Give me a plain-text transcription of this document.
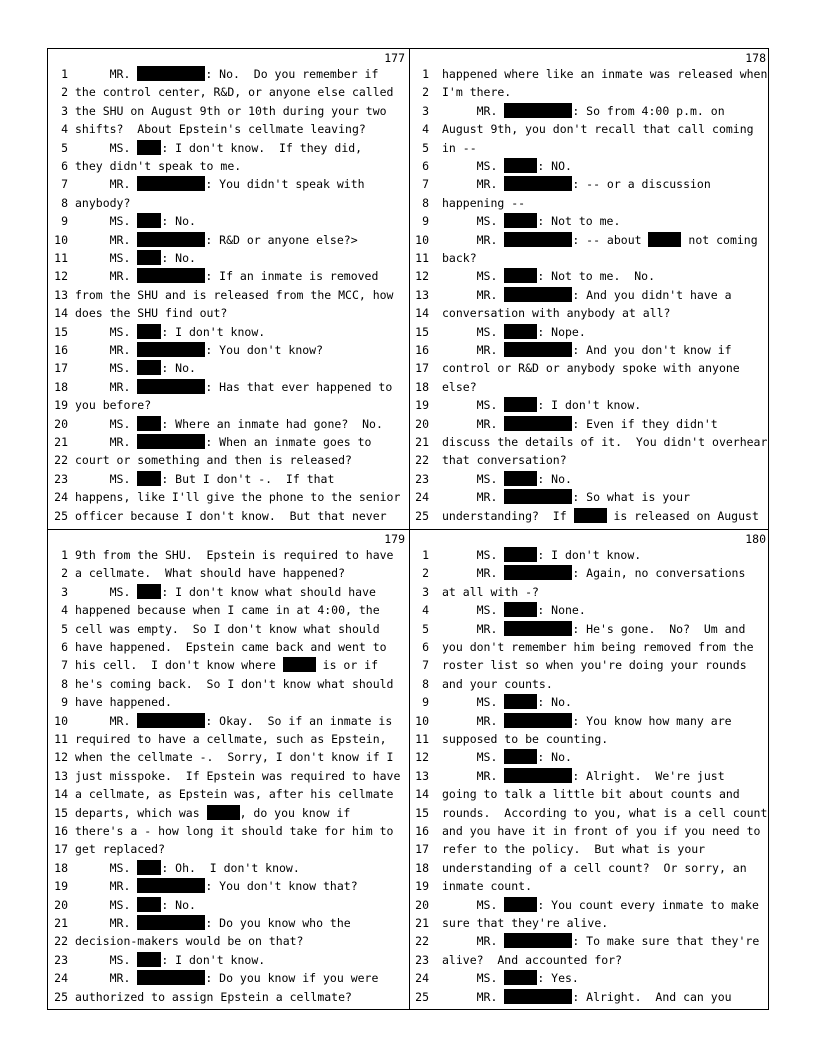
177
1 MR.	: No.  Do you remember if
2 the control center, R&D, or anyone else called
3 the SHU on August 9th or 10th during your two
4 shifts?  About Epstein's cellmate leaving?
5 MS. : I don't know.  If they did,
6 they didn't speak to me.
7 MR.	: You didn't speak with
8 anybody?
9 MS. : No.
10 MR.	: R&D or anyone else?>
11 MS. : No.
12 MR.	: If an inmate is removed
13 from the SHU and is released from the MCC, how
14 does the SHU find out?
15 MS. : I don't know.
16 MR.	: You don't know?
17 MS. : No.
18 MR.	: Has that ever happened to
19 you before?
20 MS. : Where an inmate had gone?  No.
21 MR.	: When an inmate goes to
22 court or something and then is released?
23 MS. : But I don't -.  If that
24 happens, like I'll give the phone to the senior
25 officer because I don't know.  But that never
178
1 happened where like an inmate was released when
2 I'm there.
3 MR.	: So from 4:00 p.m. on
4 August 9th, you don't recall that call coming
5 in --
6 MS.	: NO.
7 MR.	: -- or a discussion
8 happening --
9 MS.	: Not to me.
10 MR.	: -- about	not coming
11 back?
12 MS.	: Not to me.  No.
13 MR.	: And you didn't have a
14 conversation with anybody at all?
15 MS.	: Nope.
16 MR.	: And you don't know if
17 control or R&D or anybody spoke with anyone
18 else?
19 MS.	: I don't know.
20 MR.	: Even if they didn't
21 discuss the details of it.  You didn't overhear
22 that conversation?
23 MS.	: No.
24 MR.	: So what is your
25 understanding?  If	is released on August
179
1 9th from the SHU.  Epstein is required to have
2 a cellmate.  What should have happened?
3 MS. : I don't know what should have
4 happened because when I came in at 4:00, the
5 cell was empty.  So I don't know what should
6 have happened.  Epstein came back and went to
7 his cell.  I don't know where	is or if
8 he's coming back.  So I don't know what should
9 have happened.
10 MR.	: Okay.  So if an inmate is
11 required to have a cellmate, such as Epstein,
12 when the cellmate -.  Sorry, I don't know if I
13 just misspoke.  If Epstein was required to have
14 a cellmate, as Epstein was, after his cellmate
15 departs, which was	, do you know if
16 there's a - how long it should take for him to
17 get replaced?
18 MS. : Oh.  I don't know.
19 MR.	: You don't know that?
20 MS. : No.
21 MR.	: Do you know who the
22 decision-makers would be on that?
23 MS. : I don't know.
24 MR.	: Do you know if you were
25 authorized to assign Epstein a cellmate?
180
1 MS.	: I don't know.
2 MR.	: Again, no conversations
3 at all with -?
4 MS.	: None.
5 MR.	: He's gone.  No?  Um and
6 you don't remember him being removed from the
7 roster list so when you're doing your rounds
8 and your counts.
9 MS.	: No.
10 MR.	: You know how many are
11 supposed to be counting.
12 MS.	: No.
13 MR.	: Alright.  We're just
14 going to talk a little bit about counts and
15 rounds.  According to you, what is a cell count
16 and you have it in front of you if you need to
17 refer to the policy.  But what is your
18 understanding of a cell count?  Or sorry, an
19 inmate count.
20 MS.	: You count every inmate to make
21 sure that they're alive.
22 MR.	: To make sure that they're
23 alive?  And accounted for?
24 MS.	: Yes.
25 MR.	: Alright.  And can you
